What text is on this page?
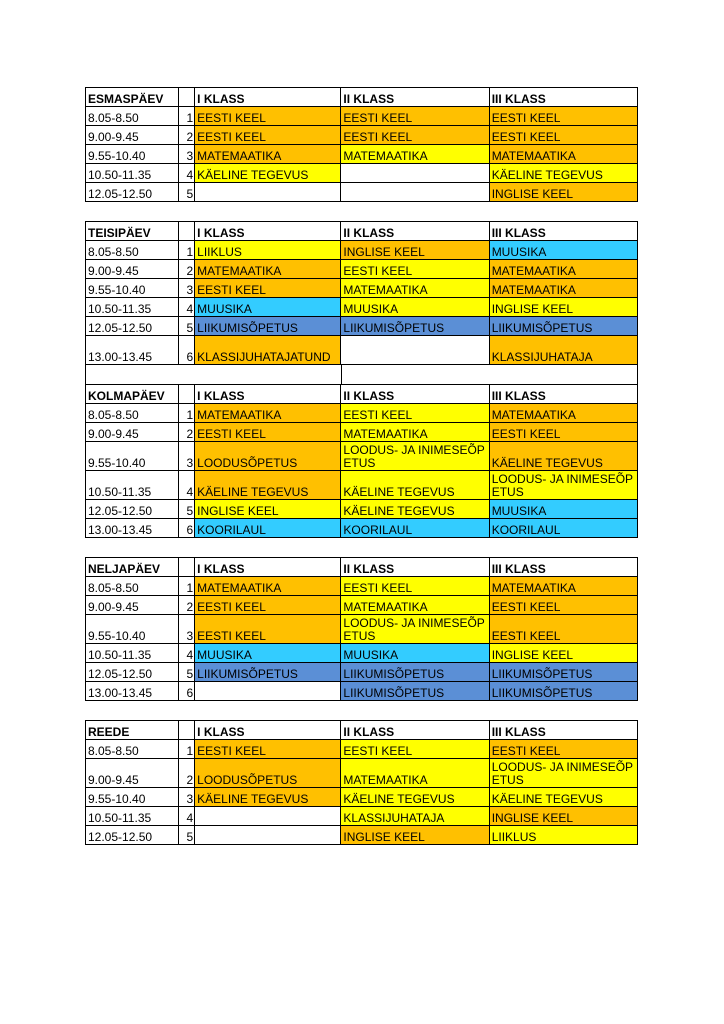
ESMASPÄEV		I KLASS	II KLASS	III KLASS
8.05-8.50	1	EESTI KEEL	EESTI KEEL	EESTI KEEL
9.00-9.45	2	EESTI KEEL	EESTI KEEL	EESTI KEEL
9.55-10.40	3	MATEMAATIKA	MATEMAATIKA	MATEMAATIKA
10.50-11.35	4	KÄELINE TEGEVUS		KÄELINE TEGEVUS
12.05-12.50	5			INGLISE KEEL
TEISIPÄEV		I KLASS	II KLASS	III KLASS
8.05-8.50	1	LIIKLUS	INGLISE KEEL	MUUSIKA
9.00-9.45	2	MATEMAATIKA	EESTI KEEL	MATEMAATIKA
9.55-10.40	3	EESTI KEEL	MATEMAATIKA	MATEMAATIKA
10.50-11.35	4	MUUSIKA	MUUSIKA	INGLISE KEEL
12.05-12.50	5	LIIKUMISÕPETUS	LIIKUMISÕPETUS	LIIKUMISÕPETUS
13.00-13.45	6	KLASSIJUHATAJATUND		KLASSIJUHATAJA
KOLMAPÄEV		I KLASS	II KLASS	III KLASS
8.05-8.50	1	MATEMAATIKA	EESTI KEEL	MATEMAATIKA
9.00-9.45	2	EESTI KEEL	MATEMAATIKA	EESTI KEEL
9.55-10.40	3	LOODUSÕPETUS	LOODUS- JA INIMESEÕPETUS	KÄELINE TEGEVUS
10.50-11.35	4	KÄELINE TEGEVUS	KÄELINE TEGEVUS	LOODUS- JA INIMESEÕPETUS
12.05-12.50	5	INGLISE KEEL	KÄELINE TEGEVUS	MUUSIKA
13.00-13.45	6	KOORILAUL	KOORILAUL	KOORILAUL
NELJAPÄEV		I KLASS	II KLASS	III KLASS
8.05-8.50	1	MATEMAATIKA	EESTI KEEL	MATEMAATIKA
9.00-9.45	2	EESTI KEEL	MATEMAATIKA	EESTI KEEL
9.55-10.40	3	EESTI KEEL	LOODUS- JA INIMESEÕPETUS	EESTI KEEL
10.50-11.35	4	MUUSIKA	MUUSIKA	INGLISE KEEL
12.05-12.50	5	LIIKUMISÕPETUS	LIIKUMISÕPETUS	LIIKUMISÕPETUS
13.00-13.45	6		LIIKUMISÕPETUS	LIIKUMISÕPETUS
REEDE		I KLASS	II KLASS	III KLASS
8.05-8.50	1	EESTI KEEL	EESTI KEEL	EESTI KEEL
9.00-9.45	2	LOODUSÕPETUS	MATEMAATIKA	LOODUS- JA INIMESEÕPETUS
9.55-10.40	3	KÄELINE TEGEVUS	KÄELINE TEGEVUS	KÄELINE TEGEVUS
10.50-11.35	4		KLASSIJUHATAJA	INGLISE KEEL
12.05-12.50	5		INGLISE KEEL	LIIKLUS
